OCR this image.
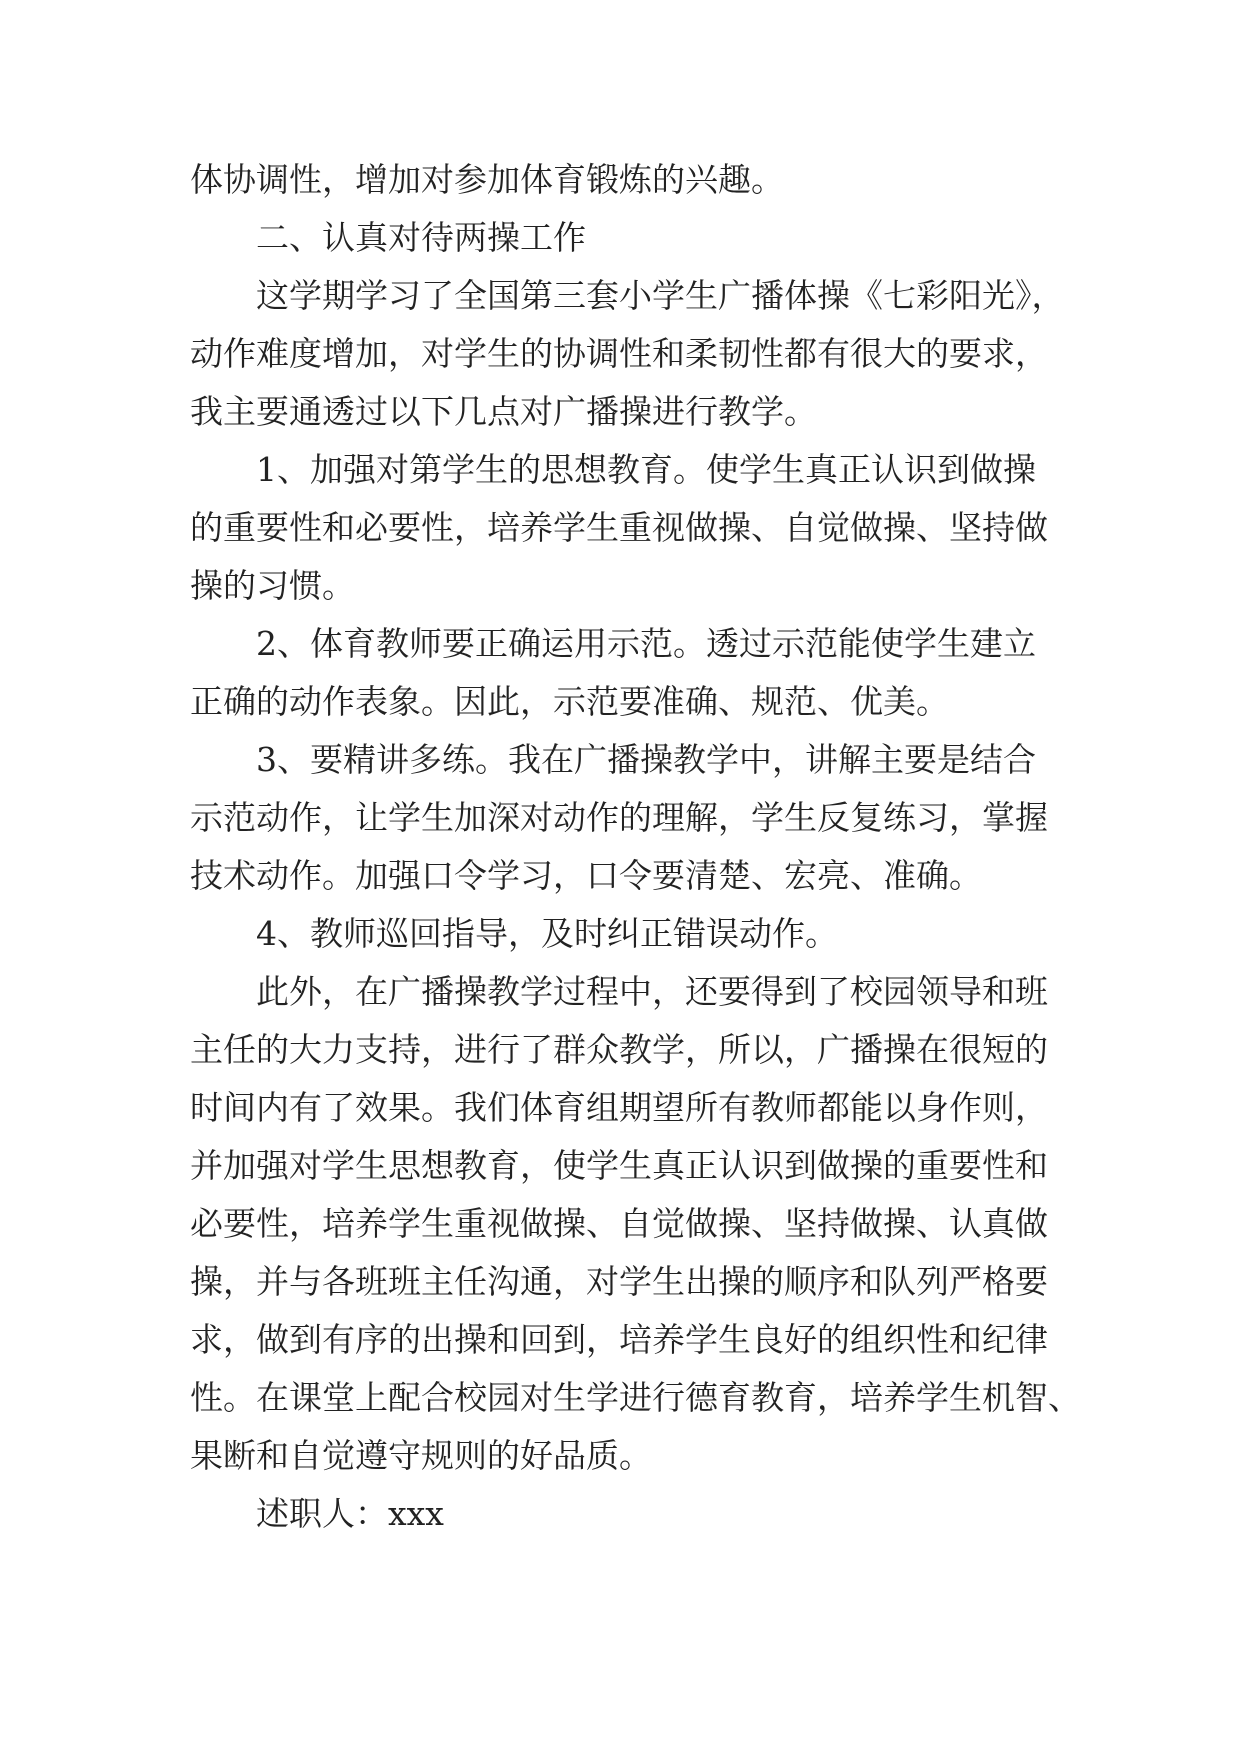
体协调性，增加对参加体育锻炼的兴趣。
二、认真对待两操工作
这学期学习了全国第三套小学生广播体操《七彩阳光》，
动作难度增加，对学生的协调性和柔韧性都有很大的要求，
我主要通透过以下几点对广播操进行教学。
1、加强对第学生的思想教育。使学生真正认识到做操
的重要性和必要性，培养学生重视做操、自觉做操、坚持做
操的习惯。
2、体育教师要正确运用示范。透过示范能使学生建立
正确的动作表象。因此，示范要准确、规范、优美。
3、要精讲多练。我在广播操教学中，讲解主要是结合
示范动作，让学生加深对动作的理解，学生反复练习，掌握
技术动作。加强口令学习，口令要清楚、宏亮、准确。
4、教师巡回指导，及时纠正错误动作。
此外，在广播操教学过程中，还要得到了校园领导和班
主任的大力支持，进行了群众教学，所以，广播操在很短的
时间内有了效果。我们体育组期望所有教师都能以身作则，
并加强对学生思想教育，使学生真正认识到做操的重要性和
必要性，培养学生重视做操、自觉做操、坚持做操、认真做
操，并与各班班主任沟通，对学生出操的顺序和队列严格要
求，做到有序的出操和回到，培养学生良好的组织性和纪律
性。在课堂上配合校园对生学进行德育教育，培养学生机智、
果断和自觉遵守规则的好品质。
述职人：xxx
